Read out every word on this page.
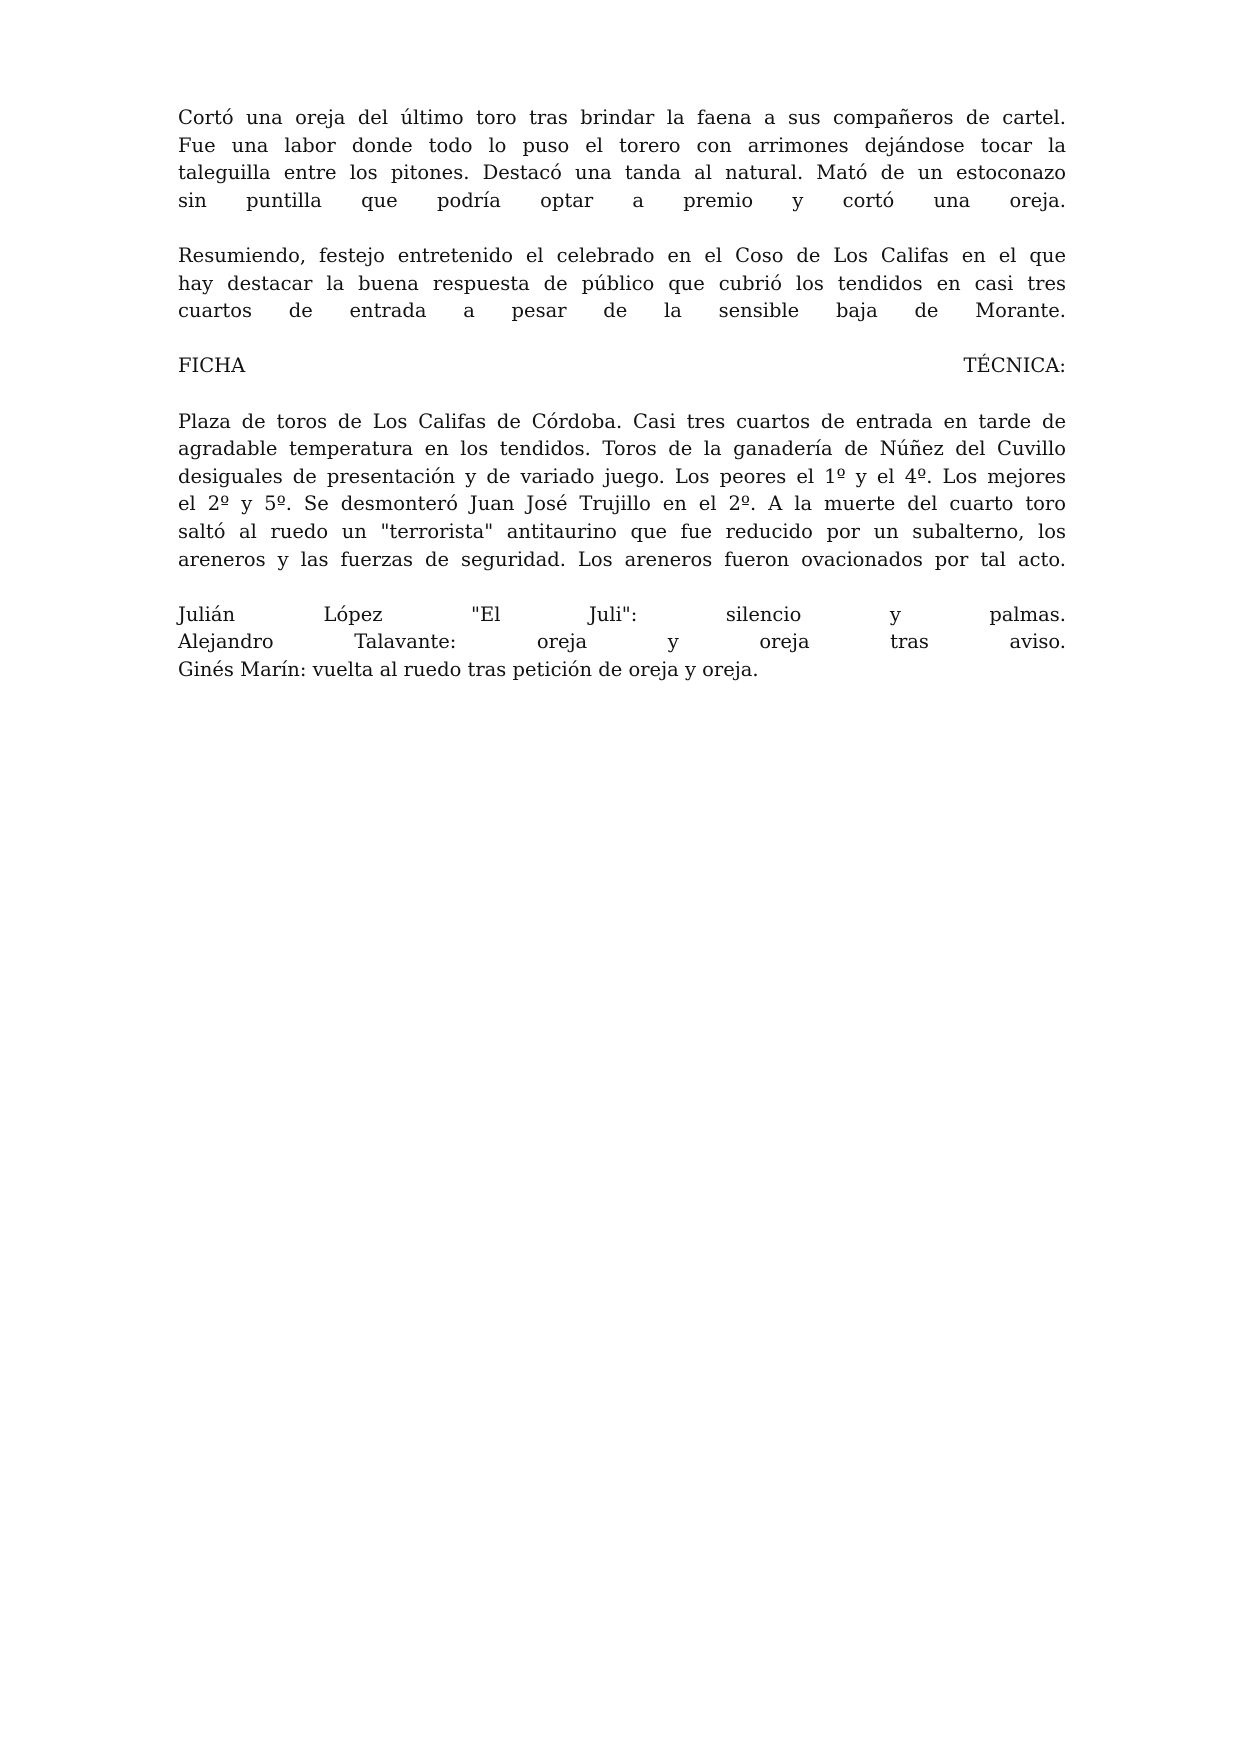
Cortó una oreja del último toro tras brindar la faena a sus compañeros de cartel.
Fue una labor donde todo lo puso el torero con arrimones dejándose tocar la
taleguilla entre los pitones. Destacó una tanda al natural. Mató de un estoconazo
sin puntilla que podría optar a premio y cortó una oreja.

Resumiendo, festejo entretenido el celebrado en el Coso de Los Califas en el que
hay destacar la buena respuesta de público que cubrió los tendidos en casi tres
cuartos de entrada a pesar de la sensible baja de Morante.

FICHA TÉCNICA:

Plaza de toros de Los Califas de Córdoba. Casi tres cuartos de entrada en tarde de
agradable temperatura en los tendidos. Toros de la ganadería de Núñez del Cuvillo
desiguales de presentación y de variado juego. Los peores el 1º y el 4º. Los mejores
el 2º y 5º. Se desmonteró Juan José Trujillo en el 2º. A la muerte del cuarto toro
saltó al ruedo un "terrorista" antitaurino que fue reducido por un subalterno, los
areneros y las fuerzas de seguridad. Los areneros fueron ovacionados por tal acto.

Julián López "El Juli": silencio y palmas.
Alejandro Talavante: oreja y oreja tras aviso.
Ginés Marín: vuelta al ruedo tras petición de oreja y oreja.
